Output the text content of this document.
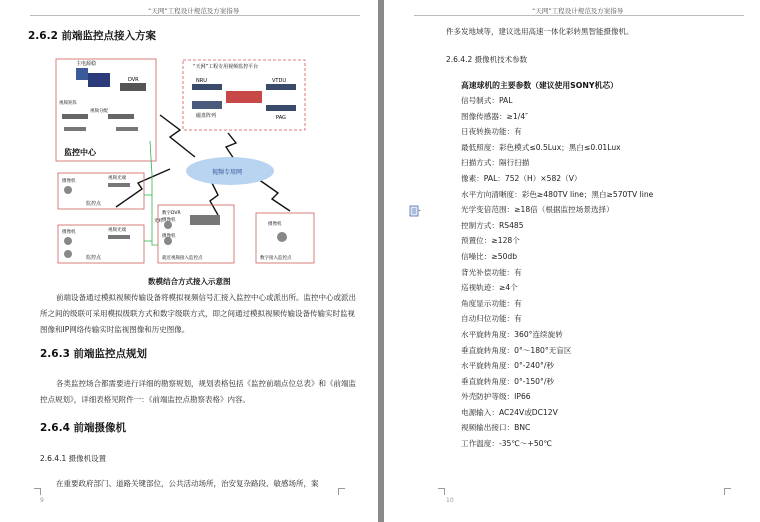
“天网”工程设计规范及方案指导
2.6.2 前端监控点接入方案
主电源稳
DVR
视频矩阵
视频分配
监控中心
“天网”工程专用视频监控平台
NRU	VTDU
磁盘阵列	PAG
视频专用网
摄像机
视频光端
监控点
摄像机	视频光端
监控点
数字DVR
摄像机
摄像机
就近视频接入监控点
摄像机
数字接入监控点
光纤
数模结合方式接入示意图
前端设备通过模拟视频传输设备将模拟视频信号汇接入监控中心或派出所。监控中心或派出所之间的级联可采用模拟级联方式和数字级联方式，即之间通过模拟视频传输设备传输实时监视图像和IP网络传输实时监视图像和历史图像。
2.6.3 前端监控点规划
各类监控场合都需要进行详细的勘察规划，规划表格包括《监控前端点位总表》和《前端监控点规划》，详细表格见附件一：《前端监控点勘察表格》内容。
2.6.4 前端摄像机
2.6.4.1 摄像机设置
在重要政府部门、道路关键部位，公共活动场所，治安复杂路段、敏感场所，案
9
“天网”工程设计规范及方案指导
件多发地域等，建议选用高速一体化彩转黑智能摄像机。
2.6.4.2 摄像机技术参数
高速球机的主要参数（建议使用SONY机芯）
信号制式：PAL
图像传感器：≥1/4″
日夜转换功能：有
最低照度：彩色模式≤0.5Lux；黑白≤0.01Lux
扫描方式：隔行扫描
像素：PAL：752（H）×582（V）
水平方向清晰度：彩色≥480TV line；黑白≥570TV line
光学变倍范围：≥18倍（根据监控场景选择）
控制方式：RS485
预置位：≥128个
信噪比：≥50db
背光补偿功能：有
巡视轨迹：≥4个
角度显示功能：有
自动归位功能：有
水平旋转角度：360°连续旋转
垂直旋转角度：0°～180°无盲区
水平旋转角度：0°-240°/秒
垂直旋转角度：0°-150°/秒
外壳防护等级：IP66
电源输入：AC24V或DC12V
视频输出接口：BNC
工作温度：-35℃～+50℃
10
